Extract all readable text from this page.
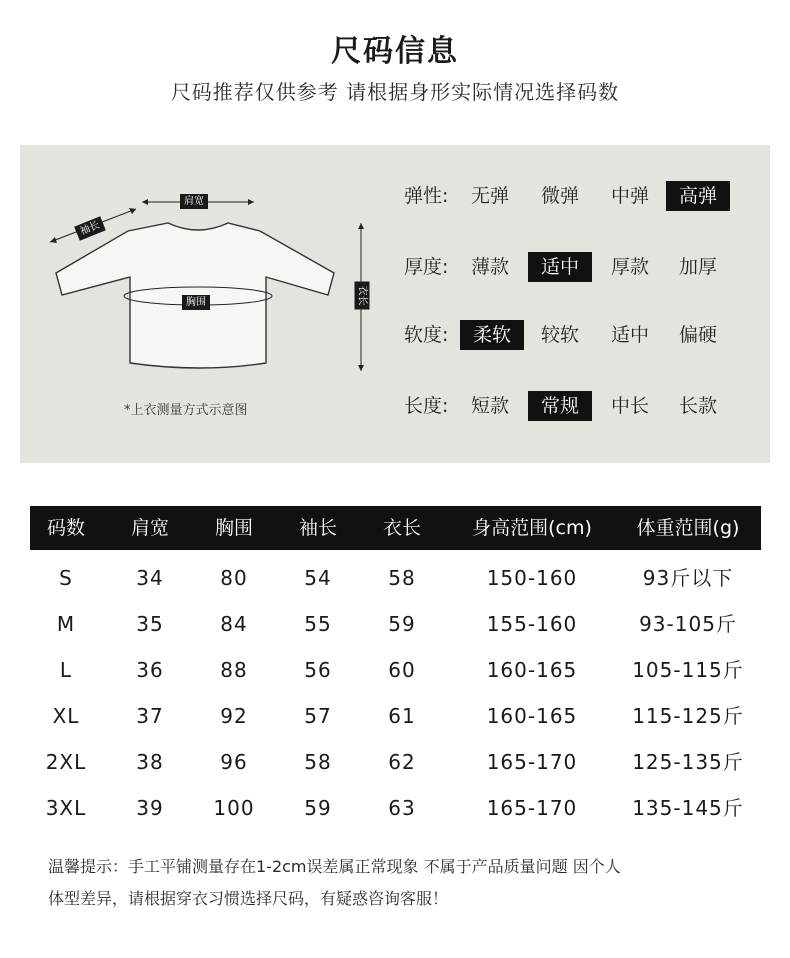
尺码信息
尺码推荐仅供参考 请根据身形实际情况选择码数
肩宽
袖长
胸围	衣长
*上衣测量方式示意图
弹性:	无弹	微弹	中弹	高弹
厚度:	薄款	适中	厚款	加厚
软度:	柔软	较软	适中	偏硬
长度:	短款	常规	中长	长款
码数	肩宽	胸围	袖长	衣长	身高范围(cm)	体重范围(g)
S	34	80	54	58	150-160	93斤以下
M	35	84	55	59	155-160	93-105斤
L	36	88	56	60	160-165	105-115斤
XL	37	92	57	61	160-165	115-125斤
2XL	38	96	58	62	165-170	125-135斤
3XL	39	100	59	63	165-170	135-145斤
温馨提示：手工平铺测量存在1-2cm误差属正常现象 不属于产品质量问题 因个人
体型差异，请根据穿衣习惯选择尺码，有疑惑咨询客服！
